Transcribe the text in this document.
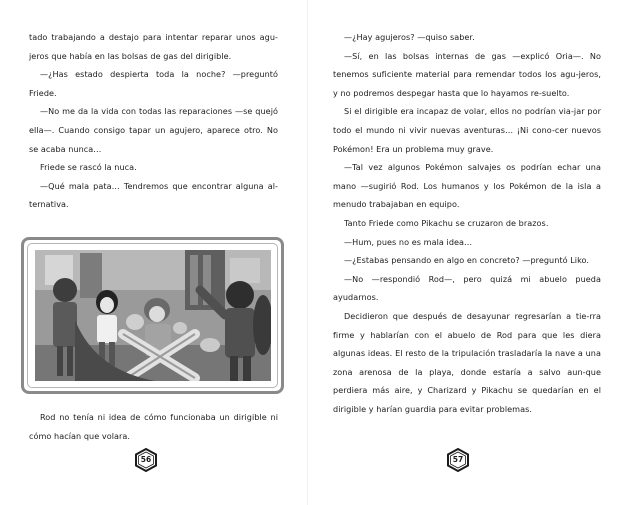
tado trabajando a destajo para intentar reparar unos agu-jeros que había en las bolsas de gas del dirigible.

—¿Has estado despierta toda la noche? —preguntó Friede.

—No me da la vida con todas las reparaciones —se quejó ella—. Cuando consigo tapar un agujero, aparece otro. No se acaba nunca…

Friede se rascó la nuca.

—Qué mala pata… Tendremos que encontrar alguna al-ternativa.

Rod no tenía ni idea de cómo funcionaba un dirigible ni cómo hacían que volara.

56

—¿Hay agujeros? —quiso saber.

—Sí, en las bolsas internas de gas —explicó Oria—. No tenemos suficiente material para remendar todos los agu-jeros, y no podremos despegar hasta que lo hayamos re-suelto.

Si el dirigible era incapaz de volar, ellos no podrían via-jar por todo el mundo ni vivir nuevas aventuras… ¡Ni cono-cer nuevos Pokémon! Era un problema muy grave.

—Tal vez algunos Pokémon salvajes os podrían echar una mano —sugirió Rod. Los humanos y los Pokémon de la isla a menudo trabajaban en equipo.

Tanto Friede como Pikachu se cruzaron de brazos.

—Hum, pues no es mala idea…

—¿Estabas pensando en algo en concreto? —preguntó Liko.

—No —respondió Rod—, pero quizá mi abuelo pueda ayudarnos.

Decidieron que después de desayunar regresarían a tie-rra firme y hablarían con el abuelo de Rod para que les diera algunas ideas. El resto de la tripulación trasladaría la nave a una zona arenosa de la playa, donde estaría a salvo aun-que perdiera más aire, y Charizard y Pikachu se quedarían en el dirigible y harían guardia para evitar problemas.

57
